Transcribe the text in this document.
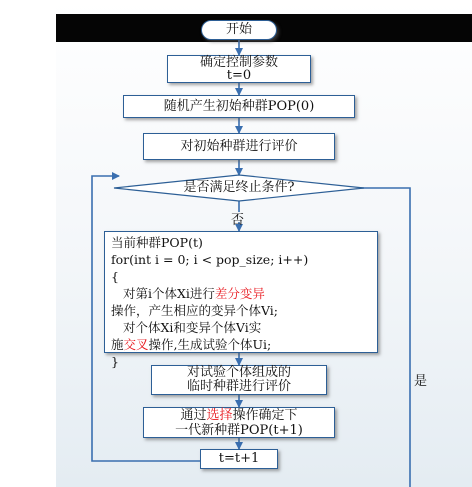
开始
确定控制参数
t=0
随机产生初始种群POP(0)
对初始种群进行评价
是否满足终止条件?
否
当前种群POP(t)
for(int i = 0; i < pop_size; i++)
{
对第i个体Xi进行差分变异
操作，产生相应的变异个体Vi;
对个体Xi和变异个体Vi实
施交叉操作,生成试验个体Ui;
}
对试验个体组成的
临时种群进行评价
通过选择操作确定下
一代新种群POP(t+1)
t=t+1
是
